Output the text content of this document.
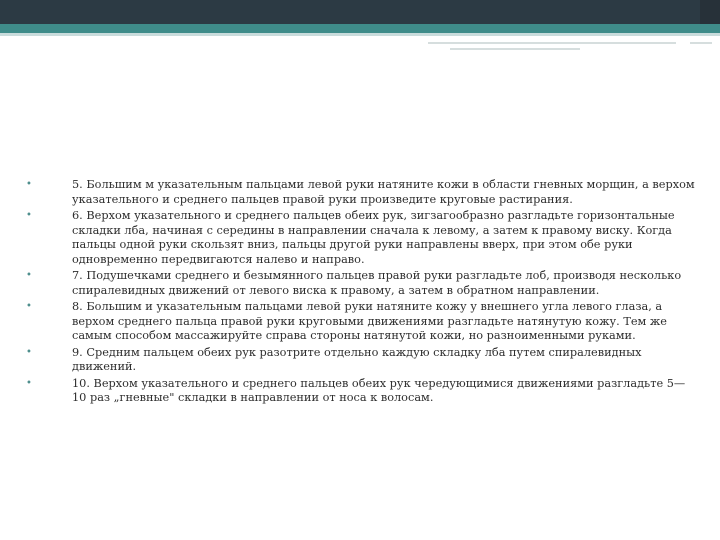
•	5. Большим м указательным пальцами левой руки натяните кожи в области гневных морщин, а верхом указательного и среднего пальцев правой руки произведите круговые растирания.
•	6. Верхом указательного и среднего пальцев обеих рук, зигзагообразно разгладьте горизонтальные складки лба, начиная с середины в направлении сначала к левому, а затем к правому виску. Когда пальцы одной руки скользят вниз, пальцы другой руки направлены вверх, при этом обе руки одновременно передвигаются налево и направо.
•	7. Подушечками среднего и безымянного пальцев правой руки разгладьте лоб, производя несколько спиралевидных движений от левого виска к правому, а затем в обратном направлении.
•	8. Большим и указательным пальцами левой руки натяните кожу у внешнего угла левого глаза, а верхом среднего пальца правой руки круговыми движениями разгладьте натянутую кожу. Тем же самым способом массажируйте справа стороны натянутой кожи, но разноименными руками.
•	9. Средним пальцем обеих рук разотрите отдельно каждую складку лба путем спиралевидных движений.
•	10. Верхом указательного и среднего пальцев обеих рук чередующимися движениями разгладьте 5—10 раз „гневные" складки в направлении от носа к волосам.
